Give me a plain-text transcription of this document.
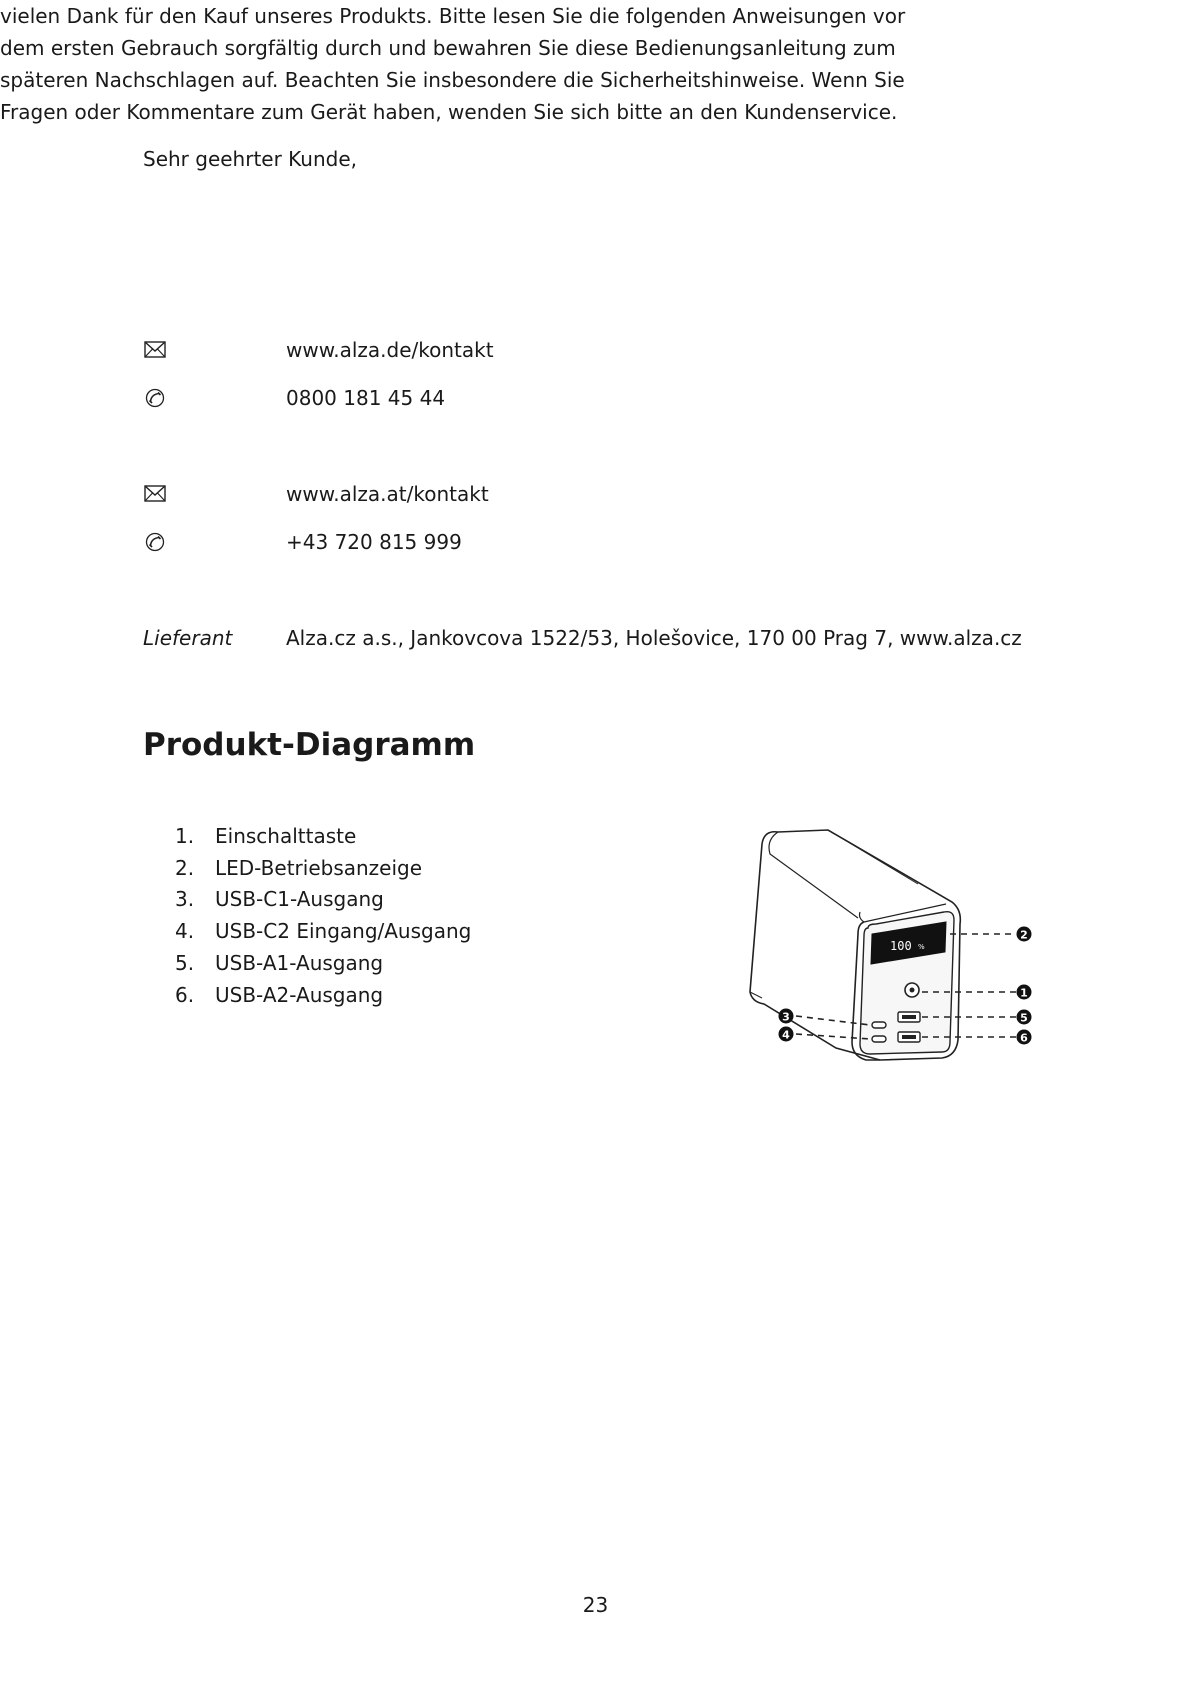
Sehr geehrter Kunde,
vielen Dank für den Kauf unseres Produkts. Bitte lesen Sie die folgenden Anweisungen vor
dem ersten Gebrauch sorgfältig durch und bewahren Sie diese Bedienungsanleitung zum
späteren Nachschlagen auf. Beachten Sie insbesondere die Sicherheitshinweise. Wenn Sie
Fragen oder Kommentare zum Gerät haben, wenden Sie sich bitte an den Kundenservice.
www.alza.de/kontakt
0800 181 45 44
www.alza.at/kontakt
+43 720 815 999
Lieferant	Alza.cz a.s., Jankovcova 1522/53, Holešovice, 170 00 Prag 7, www.alza.cz
Produkt-Diagramm
1. Einschalttaste
2. LED-Betriebsanzeige
3. USB-C1-Ausgang
4. USB-C2 Eingang/Ausgang
5. USB-A1-Ausgang
6. USB-A2-Ausgang
100 %
2
1
5
6
3
4
23
